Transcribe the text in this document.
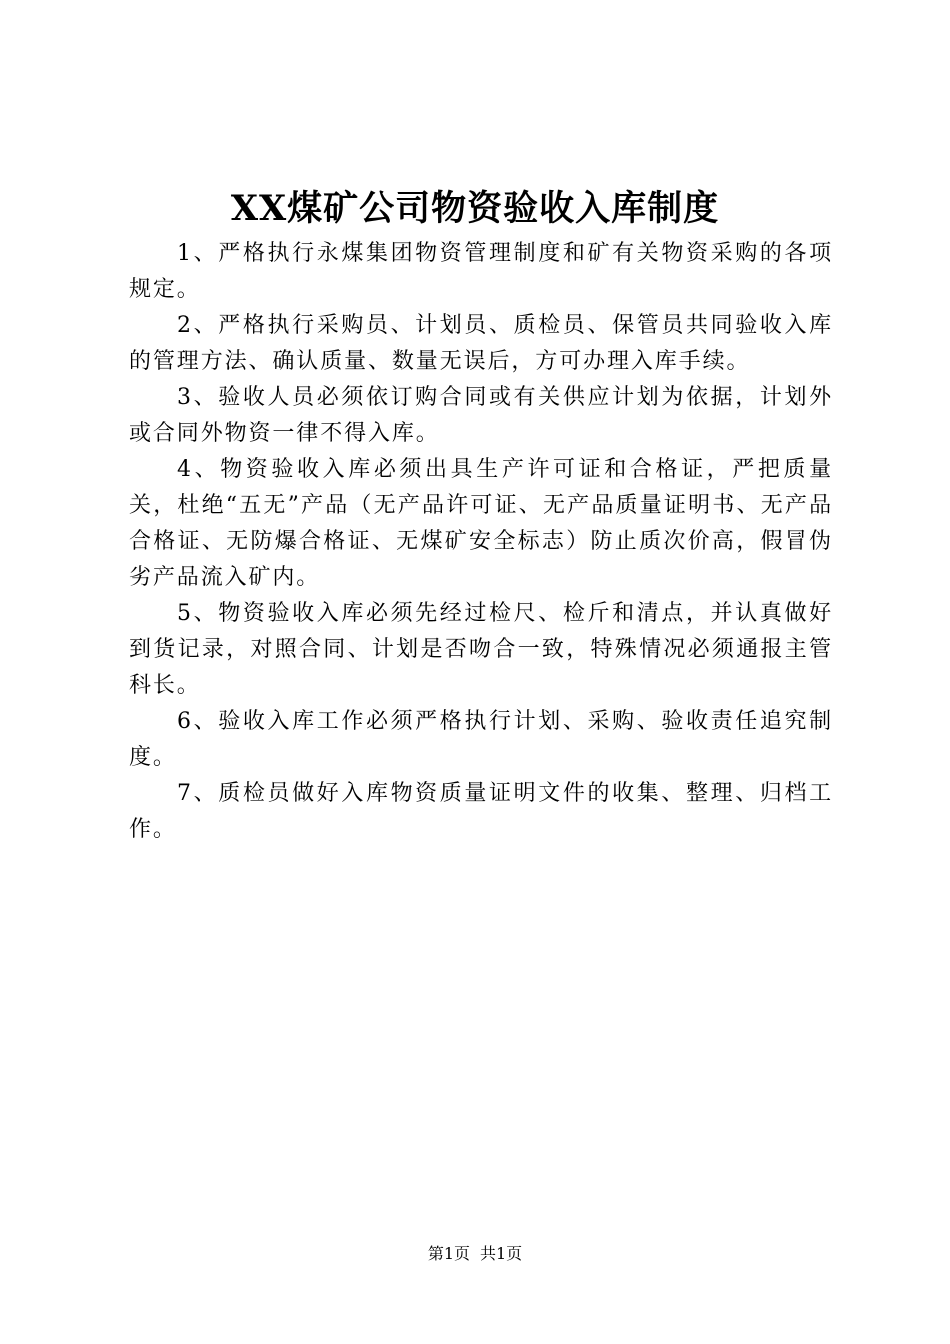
XX煤矿公司物资验收入库制度

1、严格执行永煤集团物资管理制度和矿有关物资采购的各项规定。

2、严格执行采购员、计划员、质检员、保管员共同验收入库的管理方法、确认质量、数量无误后，方可办理入库手续。

3、验收人员必须依订购合同或有关供应计划为依据，计划外或合同外物资一律不得入库。

4、物资验收入库必须出具生产许可证和合格证，严把质量关，杜绝“五无”产品（无产品许可证、无产品质量证明书、无产品合格证、无防爆合格证、无煤矿安全标志）防止质次价高，假冒伪劣产品流入矿内。

5、物资验收入库必须先经过检尺、检斤和清点，并认真做好到货记录，对照合同、计划是否吻合一致，特殊情况必须通报主管科长。

6、验收入库工作必须严格执行计划、采购、验收责任追究制度。

7、质检员做好入库物资质量证明文件的收集、整理、归档工作。

第1页 共1页
